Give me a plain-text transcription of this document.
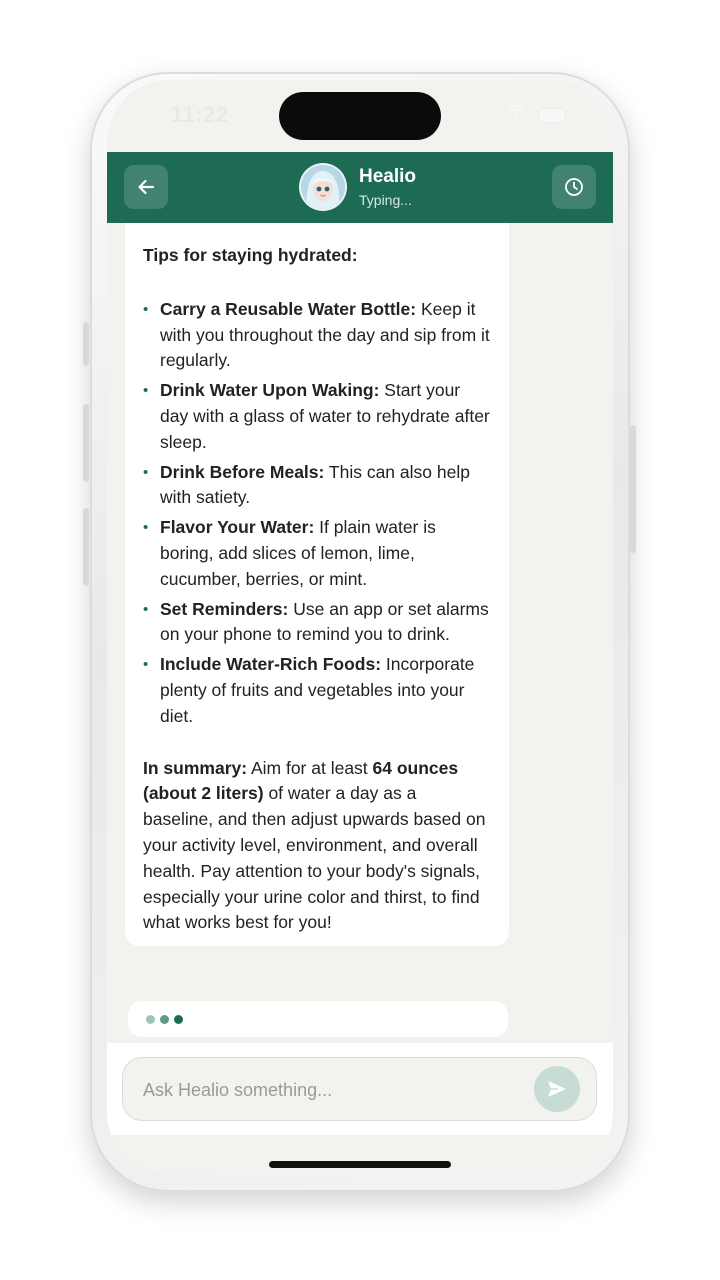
11:22
Healio
Typing...

Tips for staying hydrated:

• Carry a Reusable Water Bottle: Keep it with you throughout the day and sip from it regularly.
• Drink Water Upon Waking: Start your day with a glass of water to rehydrate after sleep.
• Drink Before Meals: This can also help with satiety.
• Flavor Your Water: If plain water is boring, add slices of lemon, lime, cucumber, berries, or mint.
• Set Reminders: Use an app or set alarms on your phone to remind you to drink.
• Include Water-Rich Foods: Incorporate plenty of fruits and vegetables into your diet.

In summary: Aim for at least 64 ounces (about 2 liters) of water a day as a baseline, and then adjust upwards based on your activity level, environment, and overall health. Pay attention to your body's signals, especially your urine color and thirst, to find what works best for you!

Ask Healio something...
